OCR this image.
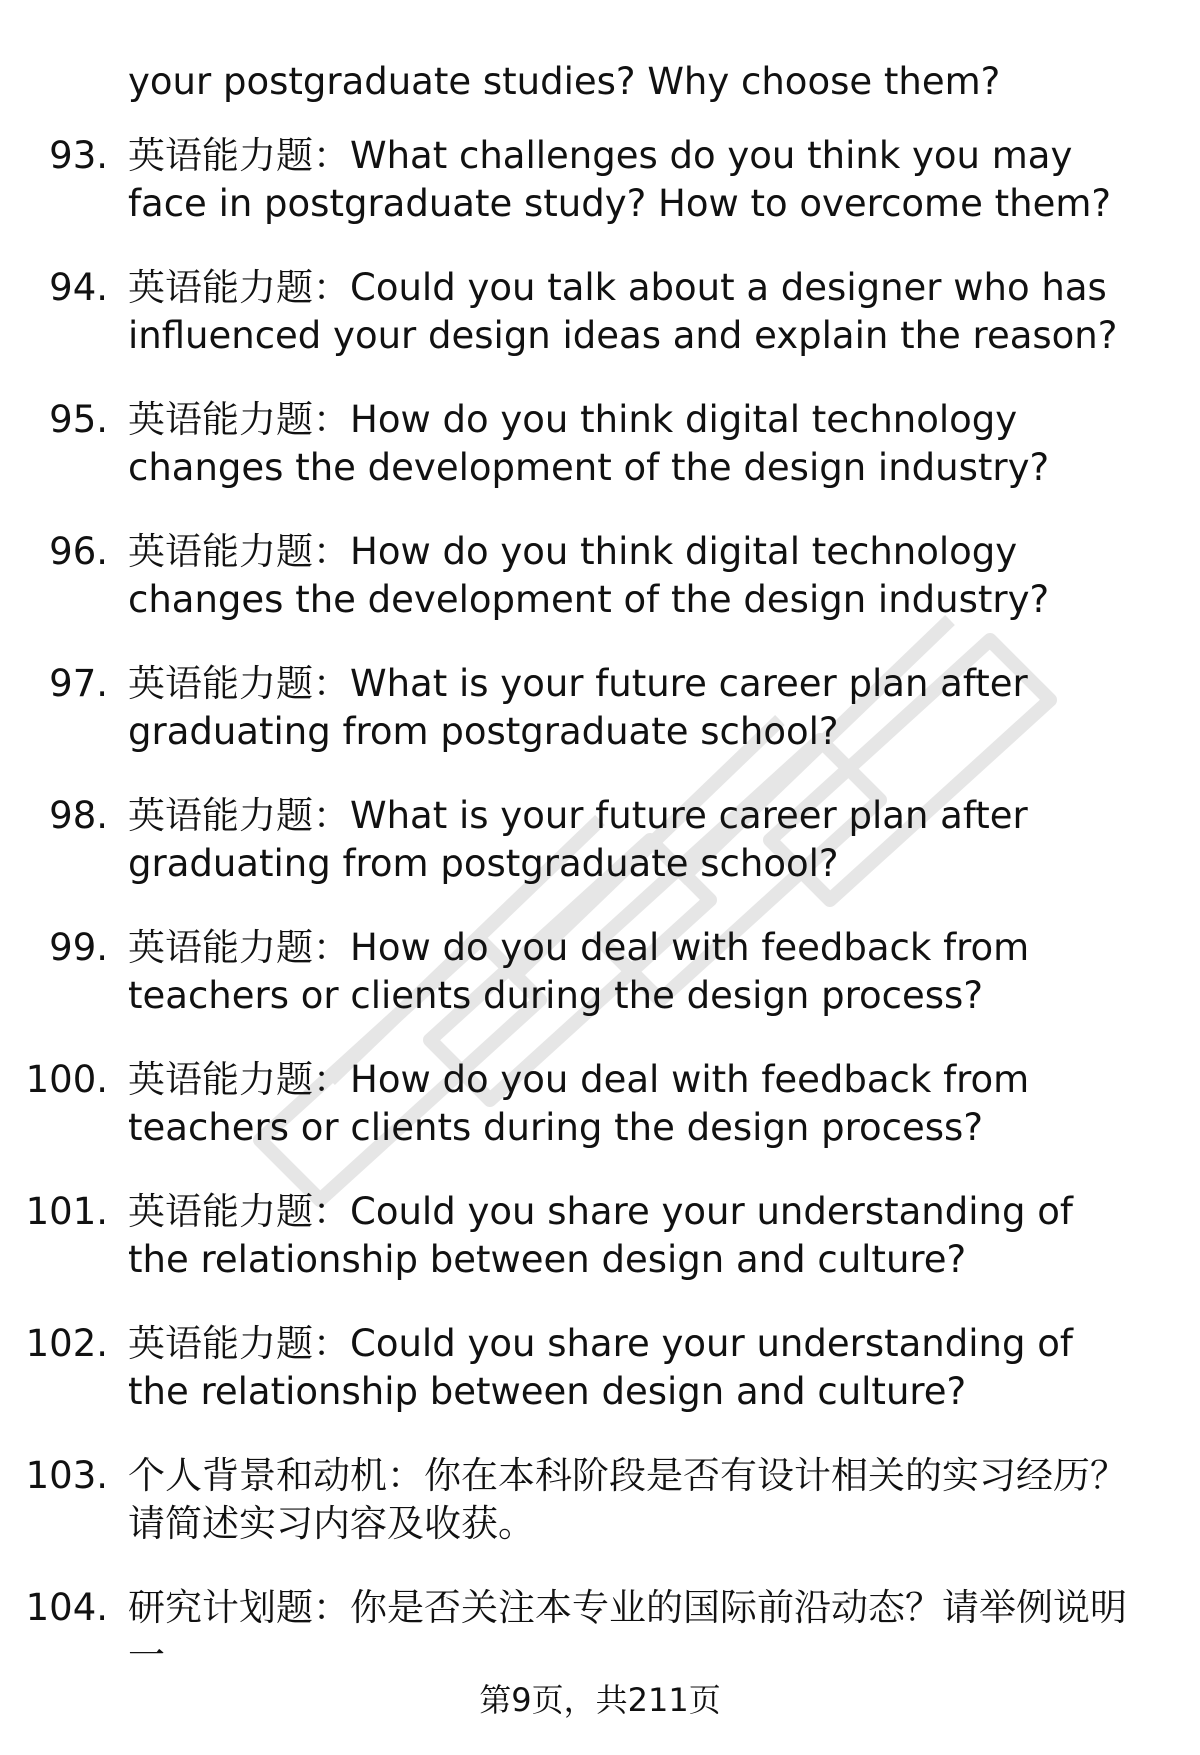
your postgraduate studies? Why choose them?
93. 英语能力题：What challenges do you think you may face in postgraduate study? How to overcome them?
94. 英语能力题：Could you talk about a designer who has influenced your design ideas and explain the reason?
95. 英语能力题：How do you think digital technology changes the development of the design industry?
96. 英语能力题：How do you think digital technology changes the development of the design industry?
97. 英语能力题：What is your future career plan after graduating from postgraduate school?
98. 英语能力题：What is your future career plan after graduating from postgraduate school?
99. 英语能力题：How do you deal with feedback from teachers or clients during the design process?
100. 英语能力题：How do you deal with feedback from teachers or clients during the design process?
101. 英语能力题：Could you share your understanding of the relationship between design and culture?
102. 英语能力题：Could you share your understanding of the relationship between design and culture?
103. 个人背景和动机：你在本科阶段是否有设计相关的实习经历？请简述实习内容及收获。
104. 研究计划题：你是否关注本专业的国际前沿动态？请举例说明一
第9页，共211页
